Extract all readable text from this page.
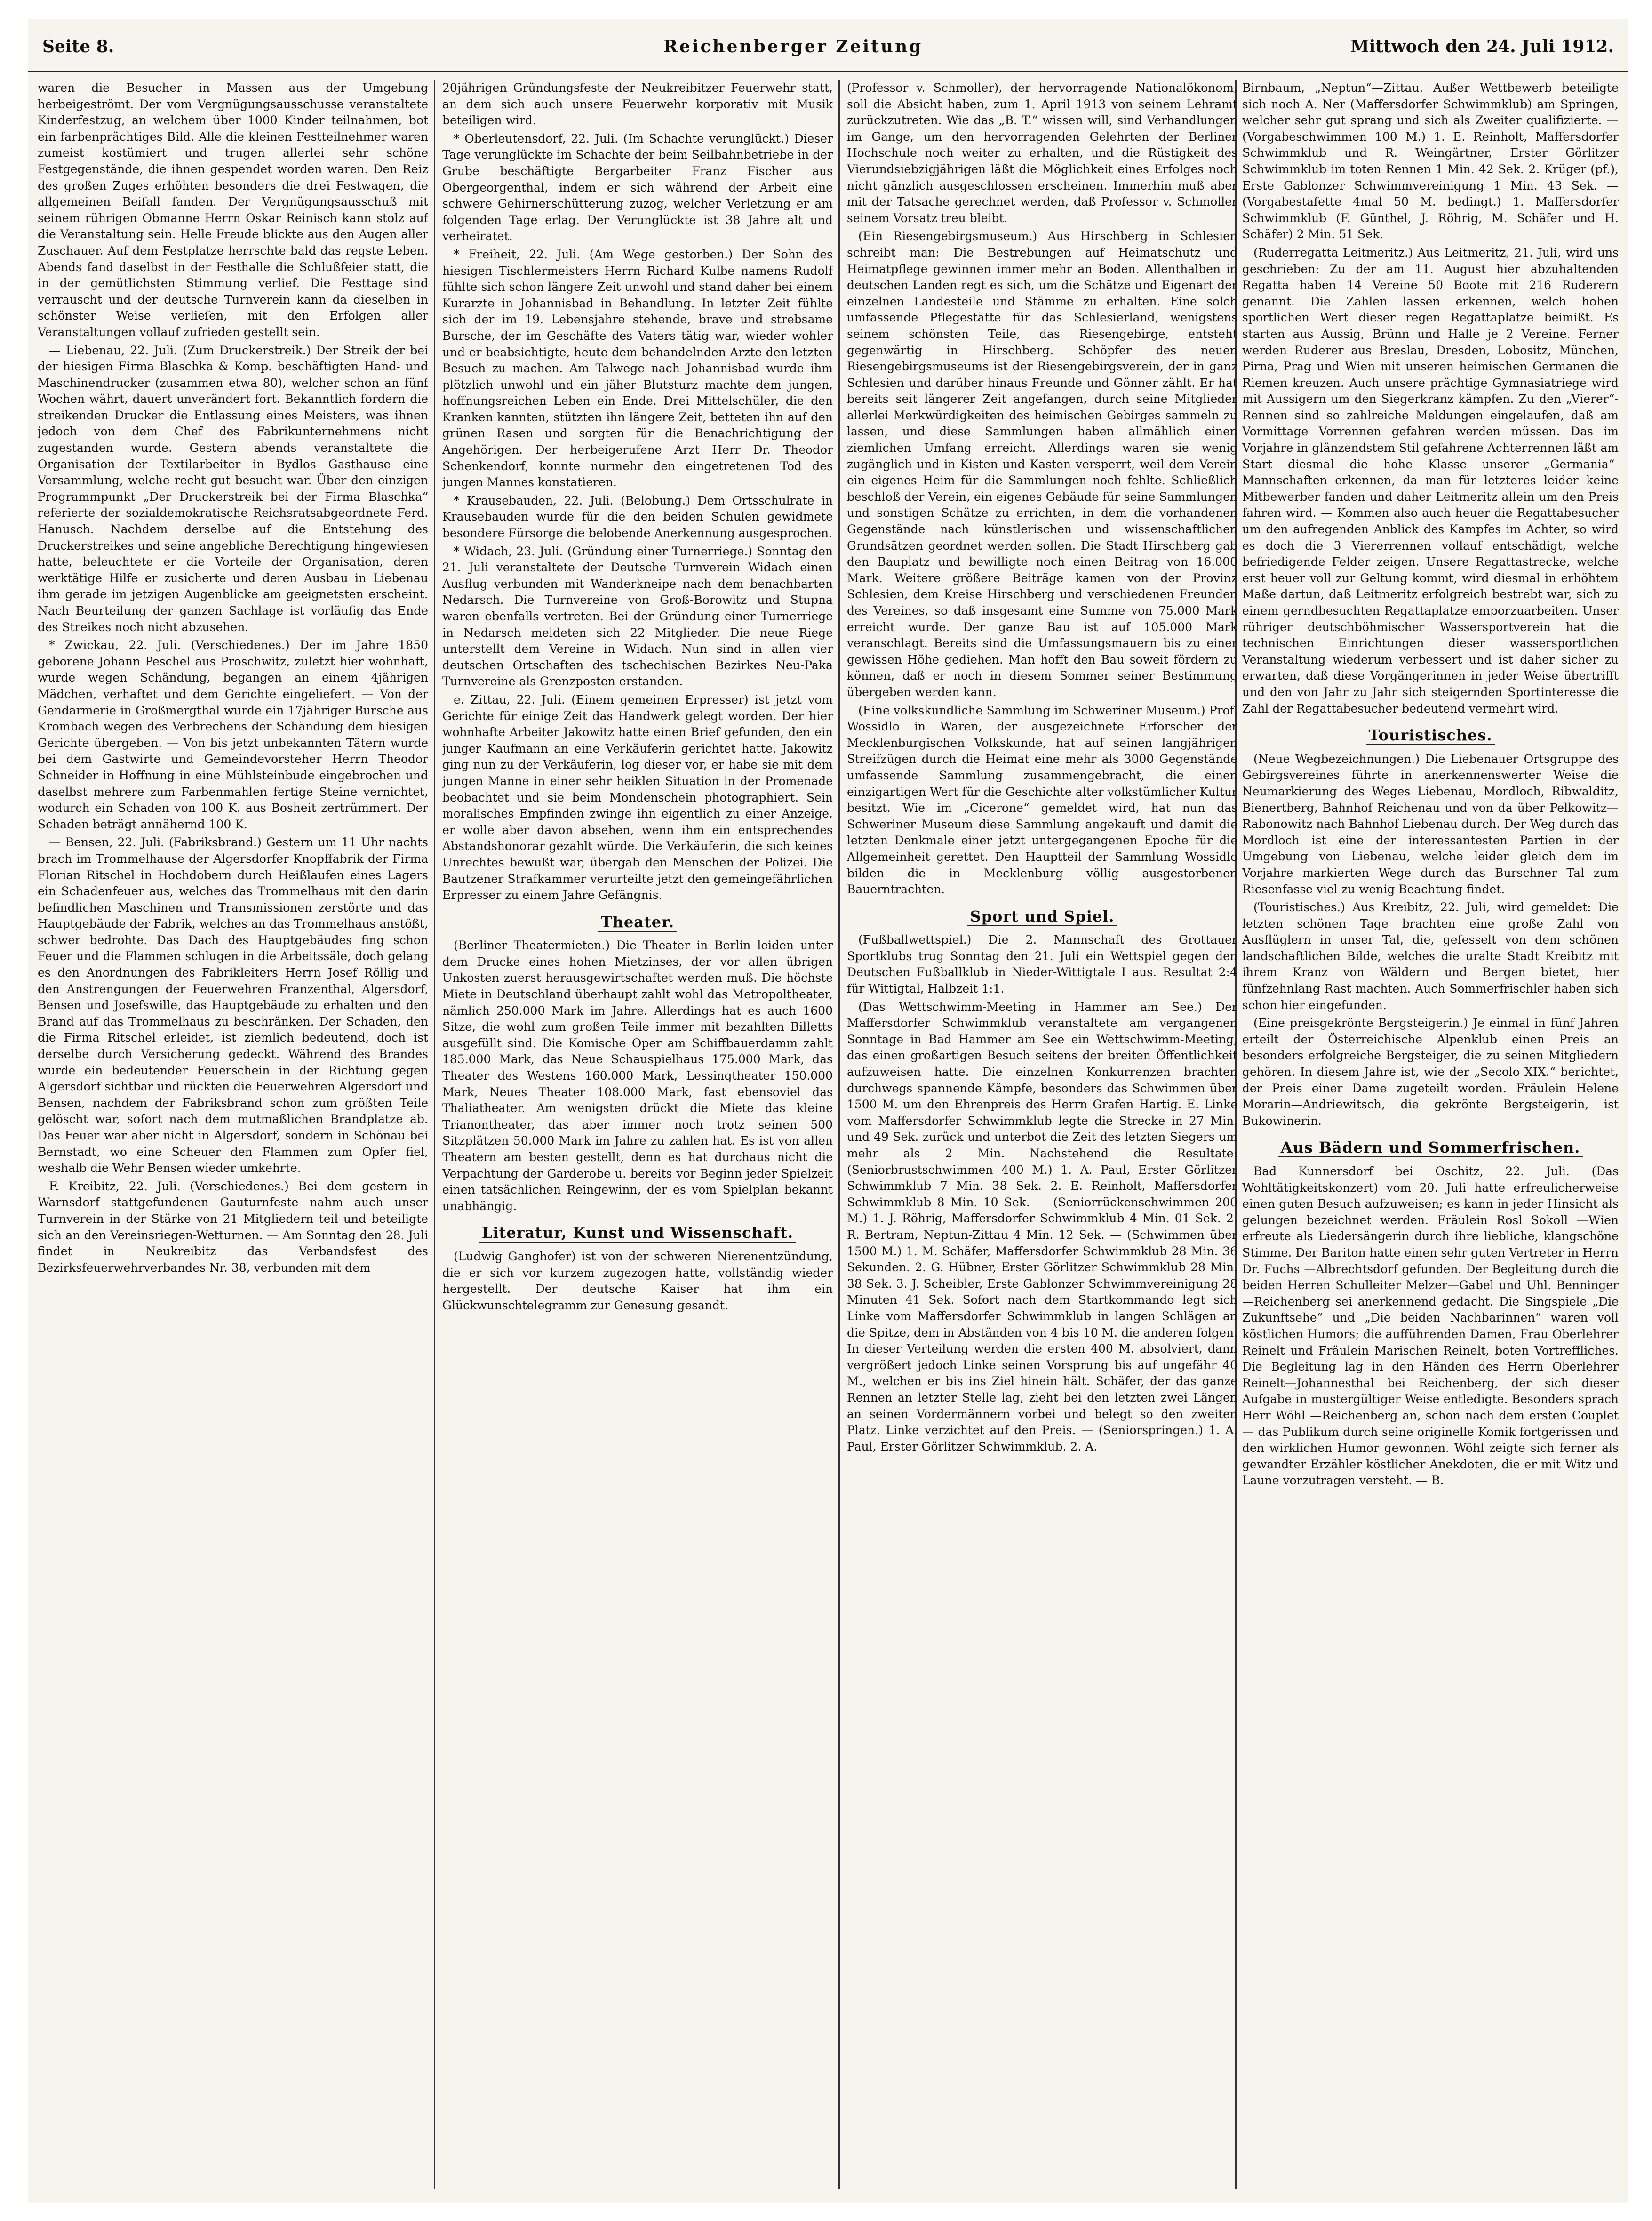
Seite 8.	Reichenberger Zeitung	Mittwoch den 24. Juli 1912.

waren die Besucher in Massen aus der Umgebung herbeigeströmt. Der vom Vergnügungsausschusse veranstaltete Kinderfestzug, an welchem über 1000 Kinder teilnahmen, bot ein farbenprächtiges Bild. Alle die kleinen Festteilnehmer waren zumeist kostümiert und trugen allerlei sehr schöne Festgegenstände, die ihnen gespendet worden waren. Den Reiz des großen Zuges erhöhten besonders die drei Festwagen, die allgemeinen Beifall fanden. Der Vergnügungsausschuß mit seinem rührigen Obmanne Herrn Oskar Reinisch kann stolz auf die Veranstaltung sein. Helle Freude blickte aus den Augen aller Zuschauer. Auf dem Festplatze herrschte bald das regste Leben. Abends fand daselbst in der Festhalle die Schlußfeier statt, die in der gemütlichsten Stimmung verlief. Die Festtage sind verrauscht und der deutsche Turnverein kann da dieselben in schönster Weise verlieſen, mit den Erfolgen aller Veranstaltungen vollauf zufrieden gestellt sein.

— Liebenau, 22. Juli. (Zum Druckerstreik.) Der Streik der bei der hiesigen Firma Blaschka & Komp. beschäftigten Hand- und Maschinendrucker (zusammen etwa 80), welcher schon an fünf Wochen währt, dauert unverändert fort. Bekanntlich fordern die streikenden Drucker die Entlassung eines Meisters, was ihnen jedoch von dem Chef des Fabrikunternehmens nicht zugestanden wurde. Gestern abends veranstaltete die Organisation der Textilarbeiter in Bydlos Gasthause eine Versammlung, welche recht gut besucht war. Über den einzigen Programmpunkt „Der Druckerstreik bei der Firma Blaschka“ referierte der sozialdemokratische Reichsratsabgeordnete Ferd. Hanusch. Nachdem derselbe auf die Entstehung des Druckerstreikes und seine angebliche Berechtigung hingewiesen hatte, beleuchtete er die Vorteile der Organisation, deren werktätige Hilfe er zusicherte und deren Ausbau in Liebenau ihm gerade im jetzigen Augenblicke am geeignetsten erscheint. Nach Beurteilung der ganzen Sachlage ist vorläufig das Ende des Streikes noch nicht abzusehen.

* Zwickau, 22. Juli. (Verschiedenes.) Der im Jahre 1850 geborene Johann Peschel aus Proschwitz, zuletzt hier wohnhaft, wurde wegen Schändung, begangen an einem 4jährigen Mädchen, verhaftet und dem Gerichte eingeliefert. — Von der Gendarmerie in Großmergthal wurde ein 17jähriger Bursche aus Krombach wegen des Verbrechens der Schändung dem hiesigen Gerichte übergeben. — Von bis jetzt unbekannten Tätern wurde bei dem Gastwirte und Gemeindevorsteher Herrn Theodor Schneider in Hoffnung in eine Mühlsteinbude eingebrochen und daselbst mehrere zum Farbenmahlen fertige Steine vernichtet, wodurch ein Schaden von 100 K. aus Bosheit zertrümmert. Der Schaden beträgt annähernd 100 K.

— Bensen, 22. Juli. (Fabriksbrand.) Gestern um 11 Uhr nachts brach im Trommelhause der Algersdorfer Knopffabrik der Firma Florian Ritschel in Hochdobern durch Heißlaufen eines Lagers ein Schadenfeuer aus, welches das Trommelhaus mit den darin befindlichen Maschinen und Transmissionen zerstörte und das Hauptgebäude der Fabrik, welches an das Trommelhaus anstößt, schwer bedrohte. Das Dach des Hauptgebäudes fing schon Feuer und die Flammen schlugen in die Arbeitssäle, doch gelang es den Anordnungen des Fabrikleiters Herrn Josef Röllig und den Anstrengungen der Feuerwehren Franzenthal, Algersdorf, Bensen und Josefswille, das Hauptgebäude zu erhalten und den Brand auf das Trommelhaus zu beschränken. Der Schaden, den die Firma Ritschel erleidet, ist ziemlich bedeutend, doch ist derselbe durch Versicherung gedeckt. Während des Brandes wurde ein bedeutender Feuerschein in der Richtung gegen Algersdorf sichtbar und rückten die Feuerwehren Algersdorf und Bensen, nachdem der Fabriksbrand schon zum größten Teile gelöscht war, sofort nach dem mutmaßlichen Brandplatze ab. Das Feuer war aber nicht in Algersdorf, sondern in Schönau bei Bernstadt, wo eine Scheuer den Flammen zum Opfer fiel, weshalb die Wehr Bensen wieder umkehrte.

F. Kreibitz, 22. Juli. (Verschiedenes.) Bei dem gestern in Warnsdorf stattgefundenen Gauturnfeste nahm auch unser Turnverein in der Stärke von 21 Mitgliedern teil und beteiligte sich an den Vereinsriegen-Wetturnen. — Am Sonntag den 28. Juli findet in Neukreibitz das Verbandsfest des Bezirksfeuerwehrverbandes Nr. 38, verbunden mit dem

20jährigen Gründungsfeste der Neukreibitzer Feuerwehr statt, an dem sich auch unsere Feuerwehr korporativ mit Musik beteiligen wird.

* Oberleutensdorf, 22. Juli. (Im Schachte verunglückt.) Dieser Tage verunglückte im Schachte der beim Seilbahnbetriebe in der Grube beschäftigte Bergarbeiter Franz Fischer aus Obergeorgenthal, indem er sich während der Arbeit eine schwere Gehirnerschütterung zuzog, welcher Verletzung er am folgenden Tage erlag. Der Verunglückte ist 38 Jahre alt und verheiratet.

* Freiheit, 22. Juli. (Am Wege gestorben.) Der Sohn des hiesigen Tischlermeisters Herrn Richard Kulbe namens Rudolf fühlte sich schon längere Zeit unwohl und stand daher bei einem Kurarzte in Johannisbad in Behandlung. In letzter Zeit fühlte sich der im 19. Lebensjahre stehende, brave und strebsame Bursche, der im Geschäfte des Vaters tätig war, wieder wohler und er beabsichtigte, heute dem behandelnden Arzte den letzten Besuch zu machen. Am Talwege nach Johannisbad wurde ihm plötzlich unwohl und ein jäher Blutsturz machte dem jungen, hoffnungsreichen Leben ein Ende. Drei Mittelschüler, die den Kranken kannten, stützten ihn längere Zeit, betteten ihn auf den grünen Rasen und sorgten für die Benachrichtigung der Angehörigen. Der herbeigerufene Arzt Herr Dr. Theodor Schenkendorf, konnte nurmehr den eingetretenen Tod des jungen Mannes konstatieren.

* Krausebauden, 22. Juli. (Belobung.) Dem Ortsschulrate in Krausebauden wurde für die den beiden Schulen gewidmete besondere Fürsorge die belobende Anerkennung ausgesprochen.

* Widach, 23. Juli. (Gründung einer Turnerriege.) Sonntag den 21. Juli veranstaltete der Deutsche Turnverein Widach einen Ausflug verbunden mit Wanderkneipe nach dem benachbarten Nedarsch. Die Turnvereine von Groß-Borowitz und Stupna waren ebenfalls vertreten. Bei der Gründung einer Turnerriege in Nedarsch meldeten sich 22 Mitglieder. Die neue Riege unterstellt dem Vereine in Widach. Nun sind in allen vier deutschen Ortschaften des tschechischen Bezirkes Neu-Paka Turnvereine als Grenzposten erstanden.

e. Zittau, 22. Juli. (Einem gemeinen Erpresser) ist jetzt vom Gerichte für einige Zeit das Handwerk gelegt worden. Der hier wohnhafte Arbeiter Jakowitz hatte einen Brief gefunden, den ein junger Kaufmann an eine Verkäuferin gerichtet hatte. Jakowitz ging nun zu der Verkäuferin, log dieser vor, er habe sie mit dem jungen Manne in einer sehr heiklen Situation in der Promenade beobachtet und sie beim Mondenschein photographiert. Sein moralisches Empfinden zwinge ihn eigentlich zu einer Anzeige, er wolle aber davon absehen, wenn ihm ein entsprechendes Abstandshonorar gezahlt würde. Die Verkäuferin, die sich keines Unrechtes bewußt war, übergab den Menschen der Polizei. Die Bautzener Strafkammer verurteilte jetzt den gemeingefährlichen Erpresser zu einem Jahre Gefängnis.

Theater.

(Berliner Theatermieten.) Die Theater in Berlin leiden unter dem Drucke eines hohen Mietzinses, der vor allen übrigen Unkosten zuerst herausgewirtschaftet werden muß. Die höchste Miete in Deutschland überhaupt zahlt wohl das Metropoltheater, nämlich 250.000 Mark im Jahre. Allerdings hat es auch 1600 Sitze, die wohl zum großen Teile immer mit bezahlten Billetts ausgefüllt sind. Die Komische Oper am Schiffbauerdamm zahlt 185.000 Mark, das Neue Schauspielhaus 175.000 Mark, das Theater des Westens 160.000 Mark, Lessingtheater 150.000 Mark, Neues Theater 108.000 Mark, fast ebensoviel das Thaliatheater. Am wenigsten drückt die Miete das kleine Trianontheater, das aber immer noch trotz seinen 500 Sitzplätzen 50.000 Mark im Jahre zu zahlen hat. Es ist von allen Theatern am besten gestellt, denn es hat durchaus nicht die Verpachtung der Garderobe u. bereits vor Beginn jeder Spielzeit einen tatsächlichen Reingewinn, der es vom Spielplan bekannt unabhängig.

Literatur, Kunst und Wissenschaft.

(Ludwig Ganghofer) ist von der schweren Nierenentzündung, die er sich vor kurzem zugezogen hatte, vollständig wieder hergestellt. Der deutsche Kaiser hat ihm ein Glückwunschtelegramm zur Genesung gesandt.

(Professor v. Schmoller), der hervorragende Nationalökonom, soll die Absicht haben, zum 1. April 1913 von seinem Lehramt zurückzutreten. Wie das „B. T.“ wissen will, sind Verhandlungen im Gange, um den hervorragenden Gelehrten der Berliner Hochschule noch weiter zu erhalten, und die Rüstigkeit des Vierundsiebzigjährigen läßt die Möglichkeit eines Erfolges noch nicht gänzlich ausgeschlossen erscheinen. Immerhin muß aber mit der Tatsache gerechnet werden, daß Professor v. Schmoller seinem Vorsatz treu bleibt.

(Ein Riesengebirgsmuseum.) Aus Hirschberg in Schlesien schreibt man: Die Bestrebungen auf Heimatschutz und Heimatpflege gewinnen immer mehr an Boden. Allenthalben in deutschen Landen regt es sich, um die Schätze und Eigenart der einzelnen Landesteile und Stämme zu erhalten. Eine solch umfassende Pflegestätte für das Schlesierland, wenigstens seinem schönsten Teile, das Riesengebirge, entsteht gegenwärtig in Hirschberg. Schöpfer des neuen Riesengebirgsmuseums ist der Riesengebirgsverein, der in ganz Schlesien und darüber hinaus Freunde und Gönner zählt. Er hat bereits seit längerer Zeit angefangen, durch seine Mitglieder allerlei Merkwürdigkeiten des heimischen Gebirges sammeln zu lassen, und diese Sammlungen haben allmählich einen ziemlichen Umfang erreicht. Allerdings waren sie wenig zugänglich und in Kisten und Kasten versperrt, weil dem Verein ein eigenes Heim für die Sammlungen noch fehlte. Schließlich beschloß der Verein, ein eigenes Gebäude für seine Sammlungen und sonstigen Schätze zu errichten, in dem die vorhandenen Gegenstände nach künstlerischen und wissenschaftlichen Grundsätzen geordnet werden sollen. Die Stadt Hirschberg gab den Bauplatz und bewilligte noch einen Beitrag von 16.000 Mark. Weitere größere Beiträge kamen von der Provinz Schlesien, dem Kreise Hirschberg und verschiedenen Freunden des Vereines, so daß insgesamt eine Summe von 75.000 Mark erreicht wurde. Der ganze Bau ist auf 105.000 Mark veranschlagt. Bereits sind die Umfassungsmauern bis zu einer gewissen Höhe gediehen. Man hofft den Bau soweit fördern zu können, daß er noch in diesem Sommer seiner Bestimmung übergeben werden kann.

(Eine volkskundliche Sammlung im Schweriner Museum.) Prof. Wossidlo in Waren, der ausgezeichnete Erforscher der Mecklenburgischen Volkskunde, hat auf seinen langjährigen Streifzügen durch die Heimat eine mehr als 3000 Gegenstände umfassende Sammlung zusammengebracht, die einen einzigartigen Wert für die Geschichte alter volkstümlicher Kultur besitzt. Wie im „Cicerone“ gemeldet wird, hat nun das Schweriner Museum diese Sammlung angekauft und damit die letzten Denkmale einer jetzt untergegangenen Epoche für die Allgemeinheit gerettet. Den Hauptteil der Sammlung Wossidlo bilden die in Mecklenburg völlig ausgestorbenen Bauerntrachten.

Sport und Spiel.

(Fußballwettspiel.) Die 2. Mannschaft des Grottauer Sportklubs trug Sonntag den 21. Juli ein Wettspiel gegen den Deutschen Fußballklub in Nieder-Wittigtale I aus. Resultat 2:4 für Wittigtal, Halbzeit 1:1.

(Das Wettschwimm-Meeting in Hammer am See.) Der Maffersdorfer Schwimmklub veranstaltete am vergangenen Sonntage in Bad Hammer am See ein Wettschwimm-Meeting, das einen großartigen Besuch seitens der breiten Öffentlichkeit aufzuweisen hatte. Die einzelnen Konkurrenzen brachten durchwegs spannende Kämpfe, besonders das Schwimmen über 1500 M. um den Ehrenpreis des Herrn Grafen Hartig. E. Linke vom Maffersdorfer Schwimmklub legte die Strecke in 27 Min. und 49 Sek. zurück und unterbot die Zeit des letzten Siegers um mehr als 2 Min. Nachstehend die Resultate: (Seniorbrustschwimmen 400 M.) 1. A. Paul, Erster Görlitzer Schwimmklub 7 Min. 38 Sek. 2. E. Reinholt, Maffersdorfer Schwimmklub 8 Min. 10 Sek. — (Seniorrückenschwimmen 200 M.) 1. J. Röhrig, Maffersdorfer Schwimmklub 4 Min. 01 Sek. 2. R. Bertram, Neptun-Zittau 4 Min. 12 Sek. — (Schwimmen über 1500 M.) 1. M. Schäfer, Maffersdorfer Schwimmklub 28 Min. 36 Sekunden. 2. G. Hübner, Erster Görlitzer Schwimmklub 28 Min. 38 Sek. 3. J. Scheibler, Erste Gablonzer Schwimmvereinigung 28 Minuten 41 Sek. Sofort nach dem Startkommando legt sich Linke vom Maffersdorfer Schwimmklub in langen Schlägen an die Spitze, dem in Abständen von 4 bis 10 M. die anderen folgen. In dieser Verteilung werden die ersten 400 M. absolviert, dann vergrößert jedoch Linke seinen Vorsprung bis auf ungefähr 40 M., welchen er bis ins Ziel hinein hält. Schäfer, der das ganze Rennen an letzter Stelle lag, zieht bei den letzten zwei Längen an seinen Vordermännern vorbei und belegt so den zweiten Platz. Linke verzichtet auf den Preis. — (Seniorspringen.) 1. A. Paul, Erster Görlitzer Schwimmklub. 2. A.

Birnbaum, „Neptun“—Zittau. Außer Wettbewerb beteiligte sich noch A. Ner (Maffersdorfer Schwimmklub) am Springen, welcher sehr gut sprang und sich als Zweiter qualifizierte. — (Vorgabeschwimmen 100 M.) 1. E. Reinholt, Maffersdorfer Schwimmklub und R. Weingärtner, Erster Görlitzer Schwimmklub im toten Rennen 1 Min. 42 Sek. 2. Krüger (pf.), Erste Gablonzer Schwimmvereinigung 1 Min. 43 Sek. — (Vorgabestafette 4mal 50 M. bedingt.) 1. Maffersdorfer Schwimmklub (F. Günthel, J. Röhrig, M. Schäfer und H. Schäfer) 2 Min. 51 Sek.

(Ruderregatta Leitmeritz.) Aus Leitmeritz, 21. Juli, wird uns geschrieben: Zu der am 11. August hier abzuhaltenden Regatta haben 14 Vereine 50 Boote mit 216 Ruderern genannt. Die Zahlen lassen erkennen, welch hohen sportlichen Wert dieser regen Regattaplatze beimißt. Es starten aus Aussig, Brünn und Halle je 2 Vereine. Ferner werden Ruderer aus Breslau, Dresden, Lobositz, München, Pirna, Prag und Wien mit unseren heimischen Germanen die Riemen kreuzen. Auch unsere prächtige Gymnasiatriege wird mit Aussigern um den Siegerkranz kämpfen. Zu den „Vierer“-Rennen sind so zahlreiche Meldungen eingelaufen, daß am Vormittage Vorrennen gefahren werden müssen. Das im Vorjahre in glänzendstem Stil gefahrene Achterrennen läßt am Start diesmal die hohe Klasse unserer „Germania“-Mannschaften erkennen, da man für letzteres leider keine Mitbewerber fanden und daher Leitmeritz allein um den Preis fahren wird. — Kommen also auch heuer die Regattabesucher um den aufregenden Anblick des Kampfes im Achter, so wird es doch die 3 Viererrennen vollauf entschädigt, welche befriedigende Felder zeigen. Unsere Regattastrecke, welche erst heuer voll zur Geltung kommt, wird diesmal in erhöhtem Maße dartun, daß Leitmeritz erfolgreich bestrebt war, sich zu einem gerndbesuchten Regattaplatze emporzuarbeiten. Unser rühriger deutschböhmischer Wassersportverein hat die technischen Einrichtungen dieser wassersportlichen Veranstaltung wiederum verbessert und ist daher sicher zu erwarten, daß diese Vorgängerinnen in jeder Weise übertrifft und den von Jahr zu Jahr sich steigernden Sportinteresse die Zahl der Regattabesucher bedeutend vermehrt wird.

Touristisches.

(Neue Wegbezeichnungen.) Die Liebenauer Ortsgruppe des Gebirgsvereines führte in anerkennenswerter Weise die Neumarkierung des Weges Liebenau, Mordloch, Ribwalditz, Bienertberg, Bahnhof Reichenau und von da über Pelkowitz—Rabonowitz nach Bahnhof Liebenau durch. Der Weg durch das Mordloch ist eine der interessantesten Partien in der Umgebung von Liebenau, welche leider gleich dem im Vorjahre markierten Wege durch das Burschner Tal zum Riesenfasse viel zu wenig Beachtung findet.

(Touristisches.) Aus Kreibitz, 22. Juli, wird gemeldet: Die letzten schönen Tage brachten eine große Zahl von Ausflüglern in unser Tal, die, gefesselt von dem schönen landschaftlichen Bilde, welches die uralte Stadt Kreibitz mit ihrem Kranz von Wäldern und Bergen bietet, hier fünfzehnlang Rast machten. Auch Sommerfrischler haben sich schon hier eingefunden.

(Eine preisgekrönte Bergsteigerin.) Je einmal in fünf Jahren erteilt der Österreichische Alpenklub einen Preis an besonders erfolgreiche Bergsteiger, die zu seinen Mitgliedern gehören. In diesem Jahre ist, wie der „Secolo XIX.“ berichtet, der Preis einer Dame zugeteilt worden. Fräulein Helene Morarin—Andriewitsch, die gekrönte Bergsteigerin, ist Bukowinerin.

Aus Bädern und Sommerfrischen.

Bad Kunnersdorf bei Oschitz, 22. Juli. (Das Wohltätigkeitskonzert) vom 20. Juli hatte erfreulicherweise einen guten Besuch aufzuweisen; es kann in jeder Hinsicht als gelungen bezeichnet werden. Fräulein Rosl Sokoll —Wien erfreute als Liedersängerin durch ihre liebliche, klangschöne Stimme. Der Bariton hatte einen sehr guten Vertreter in Herrn Dr. Fuchs —Albrechtsdorf gefunden. Der Begleitung durch die beiden Herren Schulleiter Melzer—Gabel und Uhl. Benninger—Reichenberg sei anerkennend gedacht. Die Singspiele „Die Zukunftsehe“ und „Die beiden Nachbarinnen“ waren voll köstlichen Humors; die aufführenden Damen, Frau Oberlehrer Reinelt und Fräulein Marischen Reinelt, boten Vortreffliches. Die Begleitung lag in den Händen des Herrn Oberlehrer Reinelt—Johannesthal bei Reichenberg, der sich dieser Aufgabe in mustergültiger Weise entledigte. Besonders sprach Herr Wöhl —Reichenberg an, schon nach dem ersten Couplet — das Publikum durch seine originelle Komik fortgerissen und den wirklichen Humor gewonnen. Wöhl zeigte sich ferner als gewandter Erzähler köstlicher Anekdoten, die er mit Witz und Laune vorzutragen versteht. — B.
